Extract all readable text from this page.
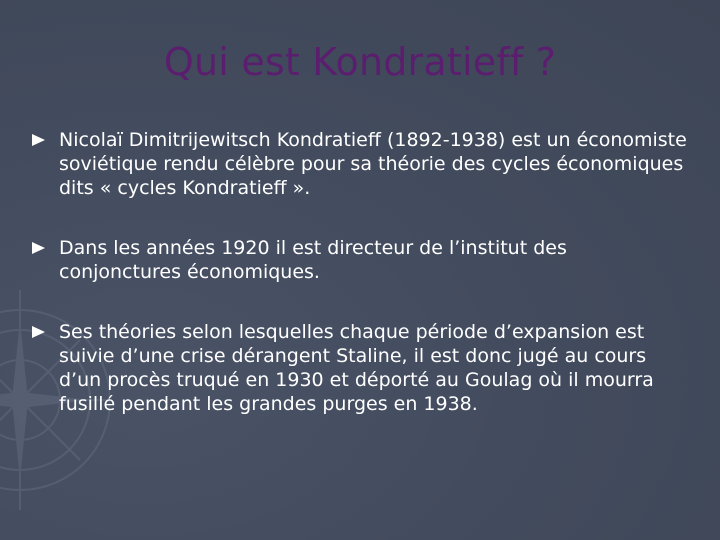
Qui est Kondratieff ?
Nicolaï Dimitrijewitsch Kondratieff (1892-1938) est un économiste soviétique rendu célèbre pour sa théorie des cycles économiques dits « cycles Kondratieff ».
Dans les années 1920 il est directeur de l’institut des conjonctures économiques.
Ses théories selon lesquelles chaque période d’expansion est suivie d’une crise dérangent Staline, il est donc jugé au cours d’un procès truqué en 1930 et déporté au Goulag où il mourra fusillé pendant les grandes purges en 1938.
